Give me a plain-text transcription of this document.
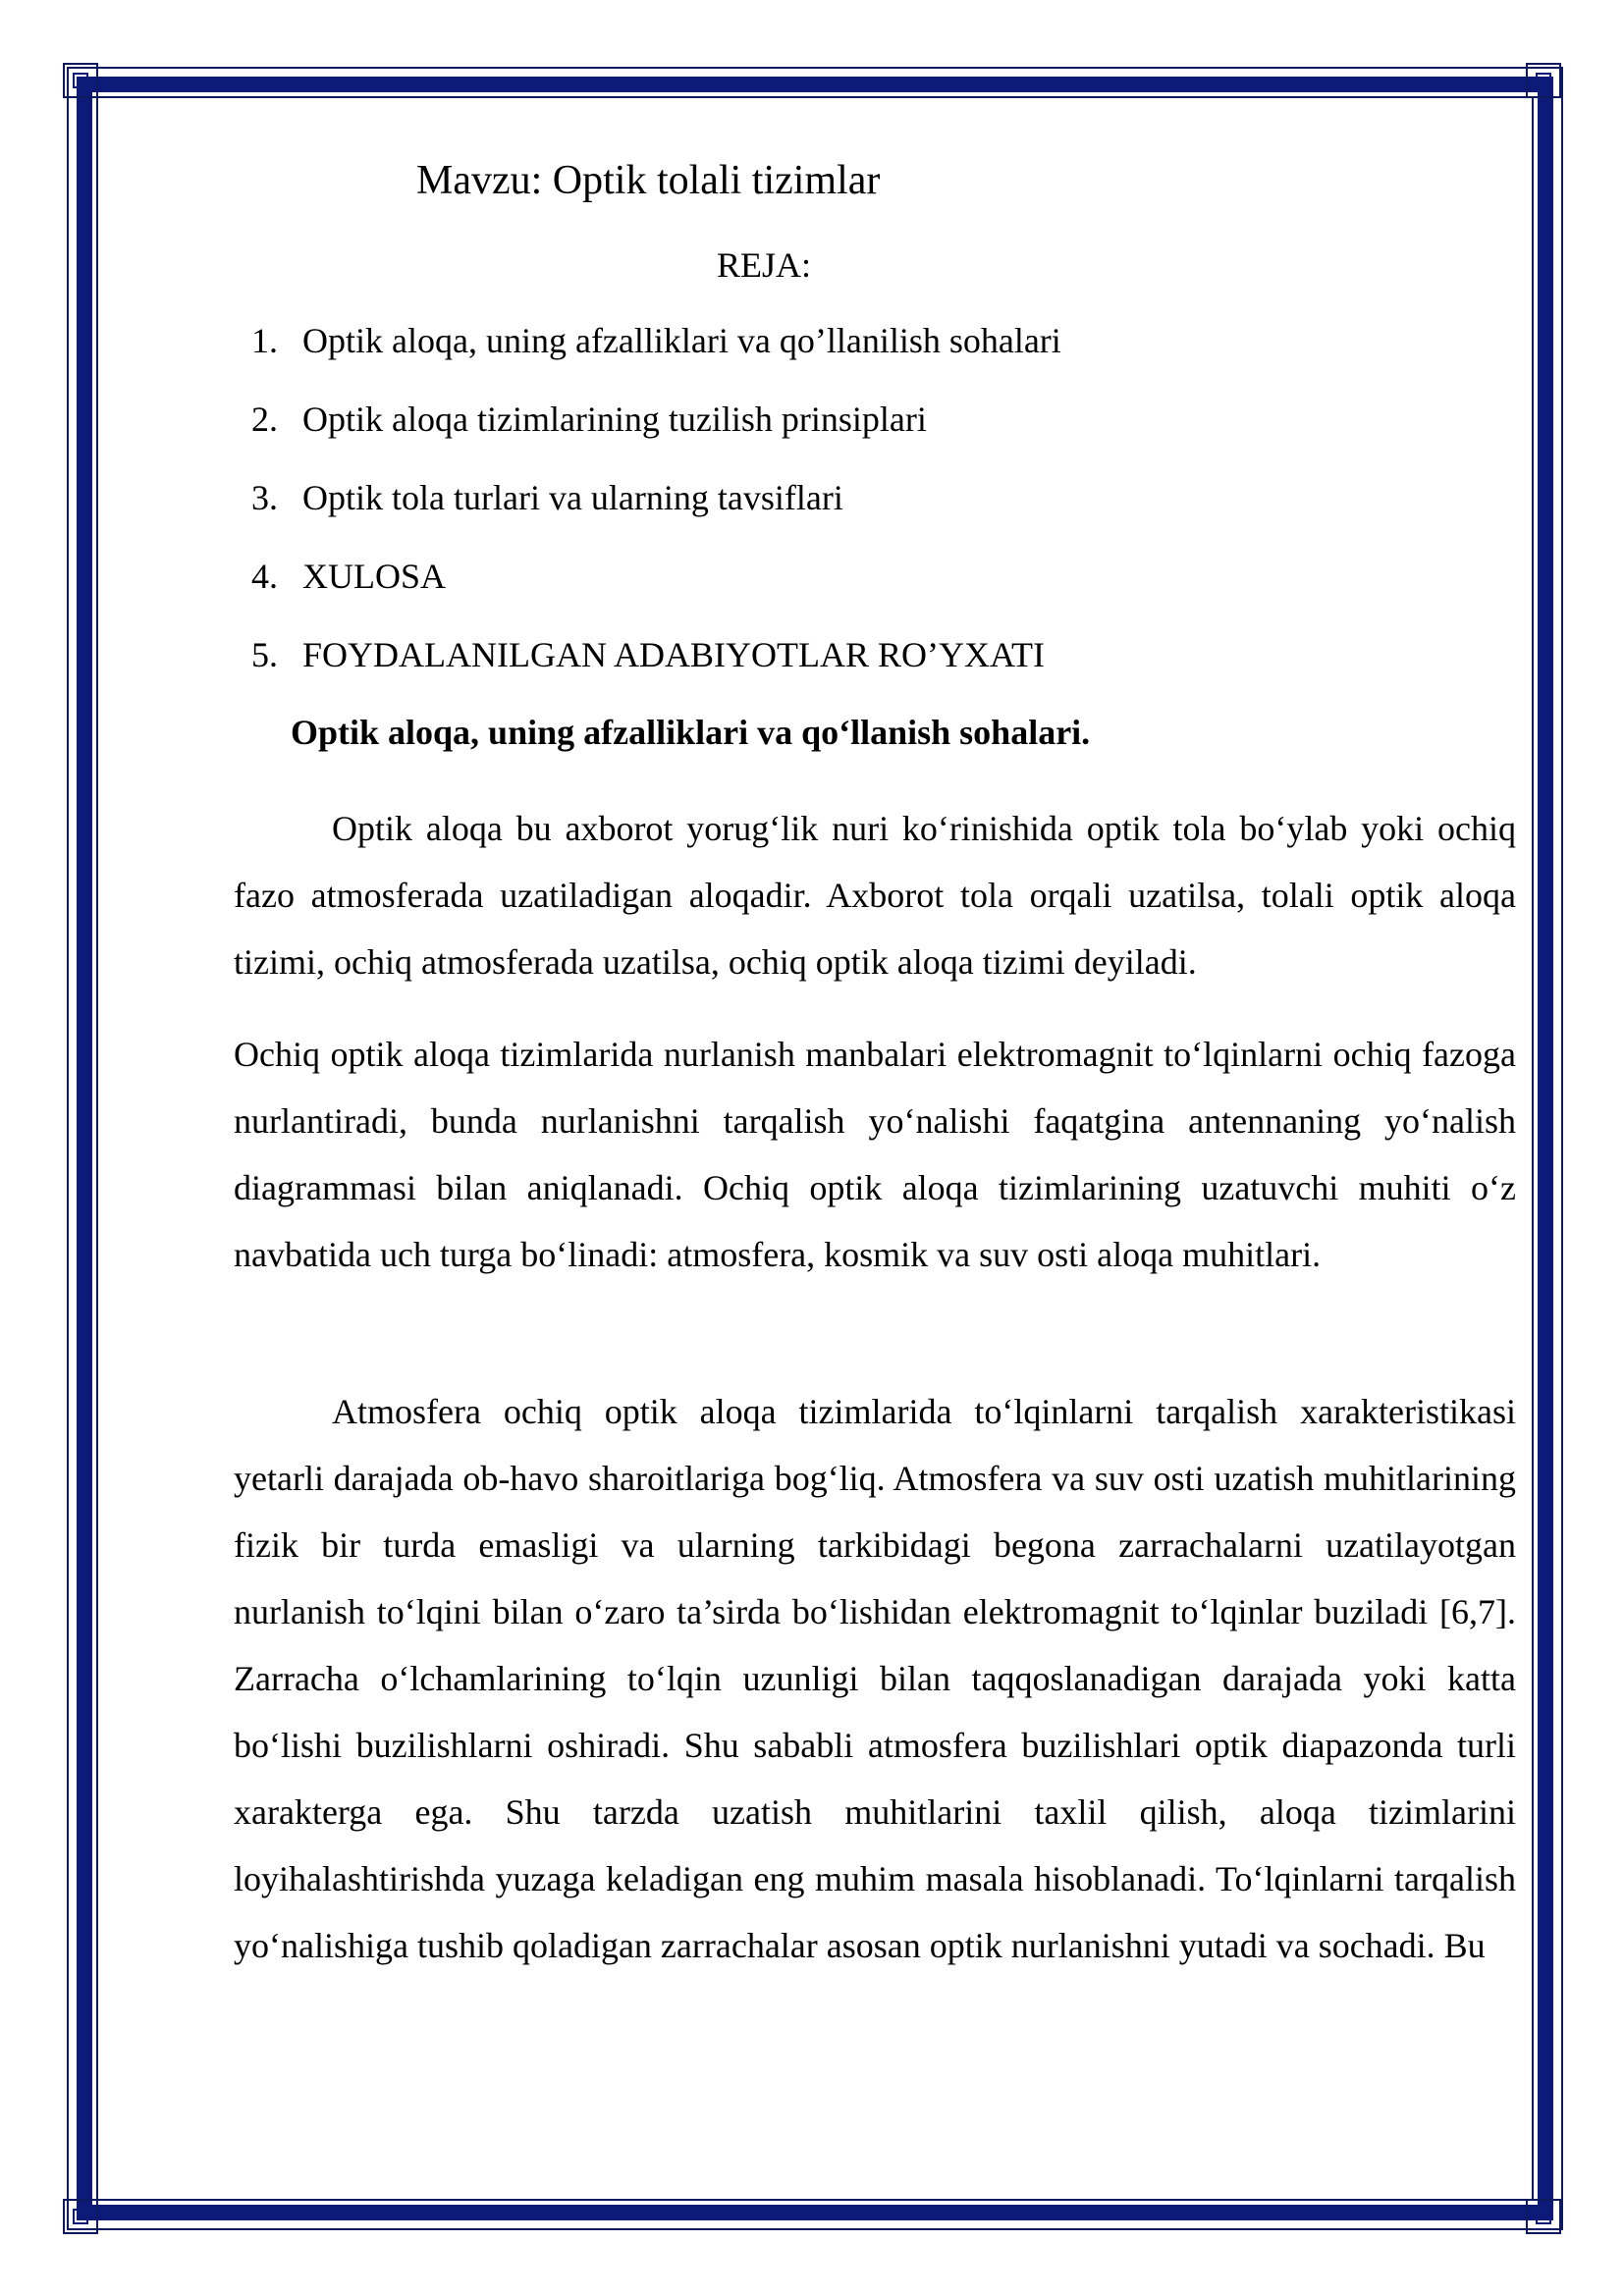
Mavzu: Optik tolali tizimlar
REJA:
1. Optik aloqa, uning afzalliklari va qo’llanilish sohalari
2. Optik aloqa tizimlarining tuzilish prinsiplari
3. Optik tola turlari va ularning tavsiflari
4. XULOSA
5. FOYDALANILGAN ADABIYOTLAR RO’YXATI
Optik aloqa, uning afzalliklari va qo‘llanish sohalari.

Optik aloqa bu axborot yorug‘lik nuri ko‘rinishida optik tola bo‘ylab yoki ochiq fazo atmosferada uzatiladigan aloqadir. Axborot tola orqali uzatilsa, tolali optik aloqa tizimi, ochiq atmosferada uzatilsa, ochiq optik aloqa tizimi deyiladi.

Ochiq optik aloqa tizimlarida nurlanish manbalari elektromagnit to‘lqinlarni ochiq fazoga nurlantiradi, bunda nurlanishni tarqalish yo‘nalishi faqatgina antennaning yo‘nalish diagrammasi bilan aniqlanadi. Ochiq optik aloqa tizimlarining uzatuvchi muhiti o‘z navbatida uch turga bo‘linadi: atmosfera, kosmik va suv osti aloqa muhitlari.

Atmosfera ochiq optik aloqa tizimlarida to‘lqinlarni tarqalish xarakteristikasi yetarli darajada ob-havo sharoitlariga bog‘liq. Atmosfera va suv osti uzatish muhitlarining fizik bir turda emasligi va ularning tarkibidagi begona zarrachalarni uzatilayotgan nurlanish to‘lqini bilan o‘zaro ta’sirda bo‘lishidan elektromagnit to‘lqinlar buziladi [6,7]. Zarracha o‘lchamlarining to‘lqin uzunligi bilan taqqoslanadigan darajada yoki katta bo‘lishi buzilishlarni oshiradi. Shu sababli atmosfera buzilishlari optik diapazonda turli xarakterga ega. Shu tarzda uzatish muhitlarini taxlil qilish, aloqa tizimlarini loyihalashtirishda yuzaga keladigan eng muhim masala hisoblanadi. To‘lqinlarni tarqalish yo‘nalishiga tushib qoladigan zarrachalar asosan optik nurlanishni yutadi va sochadi. Bu
